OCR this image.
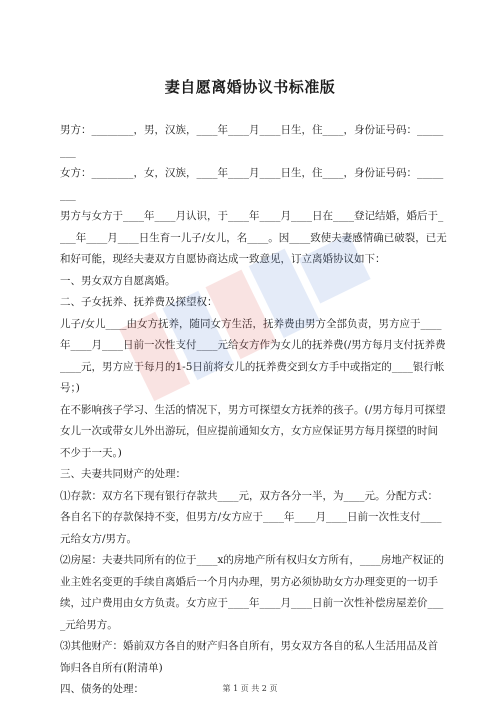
妻自愿离婚协议书标准版

男方：________，男，汉族，____年____月____日生，住____，身份证号码：________

女方：________，女，汉族，____年____月____日生，住____，身份证号码：________

男方与女方于____年____月认识，于____年____月____日在____登记结婚，婚后于____年____月____日生育一儿子/女儿，名____。因____致使夫妻感情确已破裂，已无和好可能，现经夫妻双方自愿协商达成一致意见，订立离婚协议如下：

一、男女双方自愿离婚。

二、子女抚养、抚养费及探望权：

儿子/女儿____由女方抚养，随同女方生活，抚养费由男方全部负责，男方应于____年____月____日前一次性支付____元给女方作为女儿的抚养费(/男方每月支付抚养费____元，男方应于每月的1-5日前将女儿的抚养费交到女方手中或指定的____银行帐号；)

在不影响孩子学习、生活的情况下，男方可探望女方抚养的孩子。(/男方每月可探望女儿一次或带女儿外出游玩，但应提前通知女方，女方应保证男方每月探望的时间不少于一天。)

三、夫妻共同财产的处理：

⑴存款：双方名下现有银行存款共____元，双方各分一半，为____元。分配方式：各自名下的存款保持不变，但男方/女方应于____年____月____日前一次性支付____元给女方/男方。

⑵房屋：夫妻共同所有的位于____x的房地产所有权归女方所有，____房地产权证的业主姓名变更的手续自离婚后一个月内办理，男方必须协助女方办理变更的一切手续，过户费用由女方负责。女方应于____年____月____日前一次性补偿房屋差价____元给男方。

⑶其他财产：婚前双方各自的财产归各自所有，男女双方各自的私人生活用品及首饰归各自所有(附清单)

四、债务的处理：	第 1 页 共 2 页
